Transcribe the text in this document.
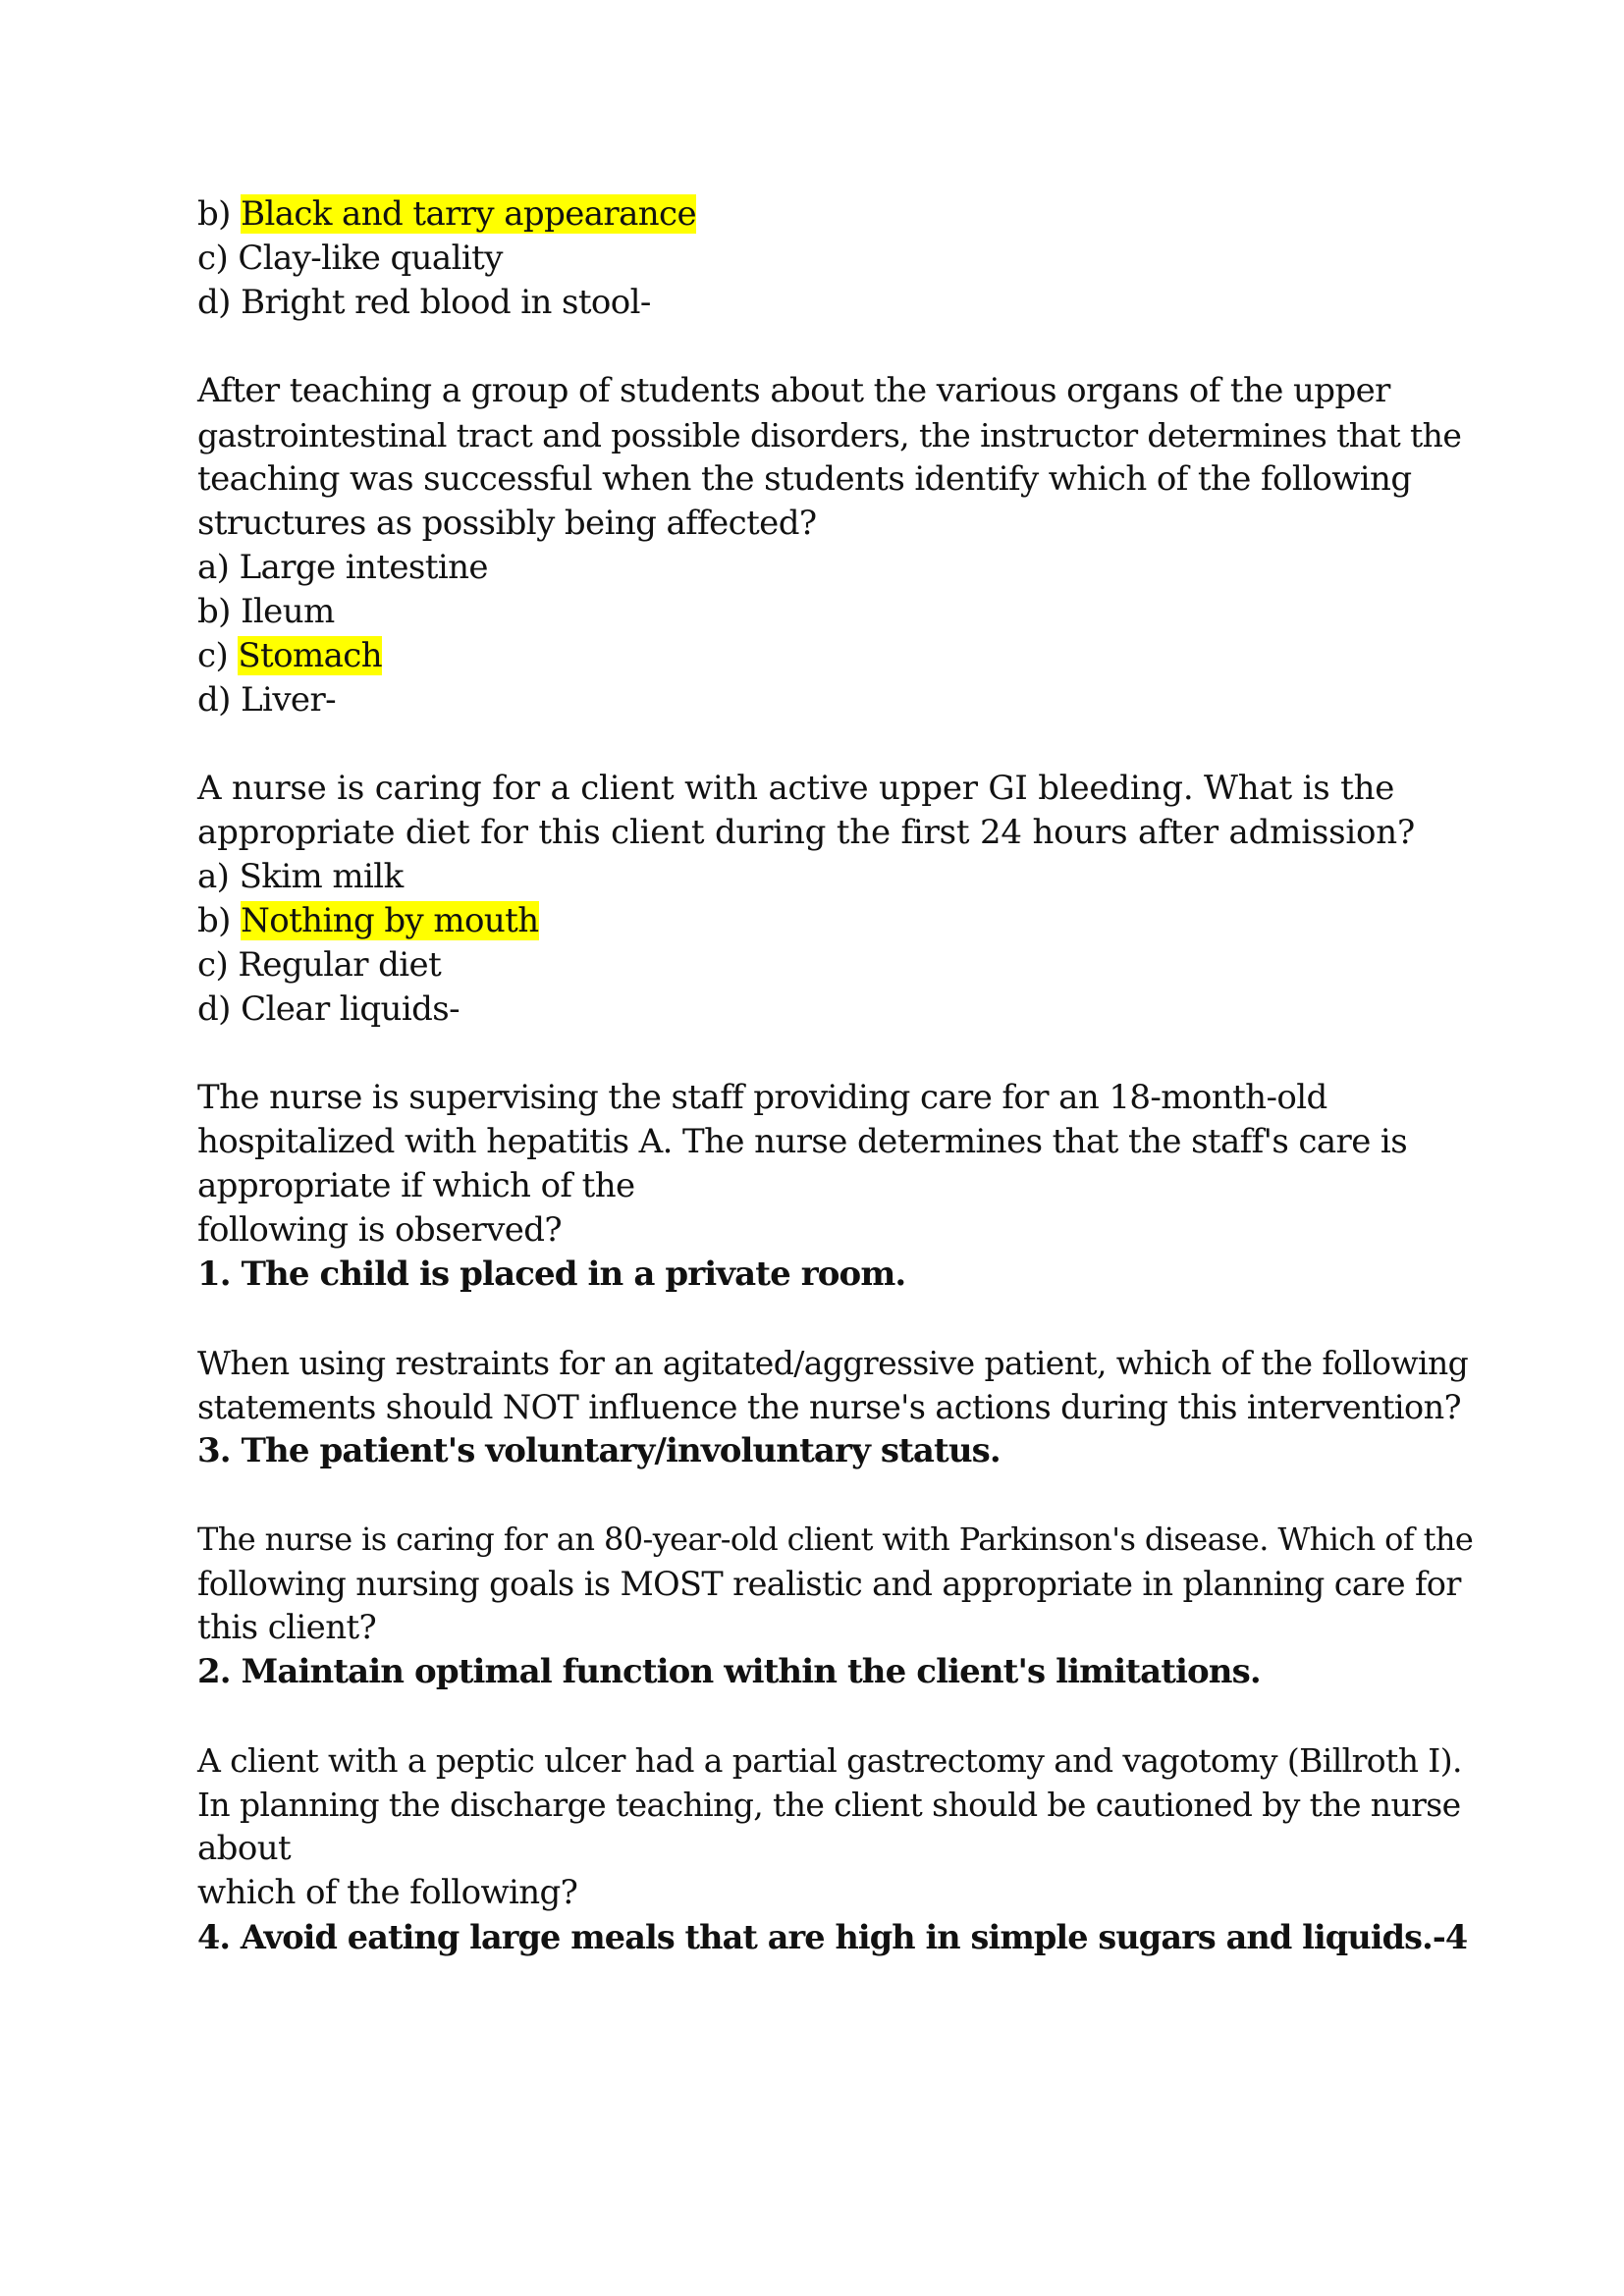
b) Black and tarry appearance
c) Clay-like quality
d) Bright red blood in stool-
After teaching a group of students about the various organs of the upper
gastrointestinal tract and possible disorders, the instructor determines that the
teaching was successful when the students identify which of the following
structures as possibly being affected?
a) Large intestine
b) Ileum
c) Stomach
d) Liver-
A nurse is caring for a client with active upper GI bleeding. What is the
appropriate diet for this client during the first 24 hours after admission?
a) Skim milk
b) Nothing by mouth
c) Regular diet
d) Clear liquids-
The nurse is supervising the staff providing care for an 18-month-old
hospitalized with hepatitis A. The nurse determines that the staff's care is
appropriate if which of the
following is observed?
1. The child is placed in a private room.
When using restraints for an agitated/aggressive patient, which of the following
statements should NOT influence the nurse's actions during this intervention?
3. The patient's voluntary/involuntary status.
The nurse is caring for an 80-year-old client with Parkinson's disease. Which of the
following nursing goals is MOST realistic and appropriate in planning care for
this client?
2. Maintain optimal function within the client's limitations.
A client with a peptic ulcer had a partial gastrectomy and vagotomy (Billroth I).
In planning the discharge teaching, the client should be cautioned by the nurse
about
which of the following?
4. Avoid eating large meals that are high in simple sugars and liquids.-4
